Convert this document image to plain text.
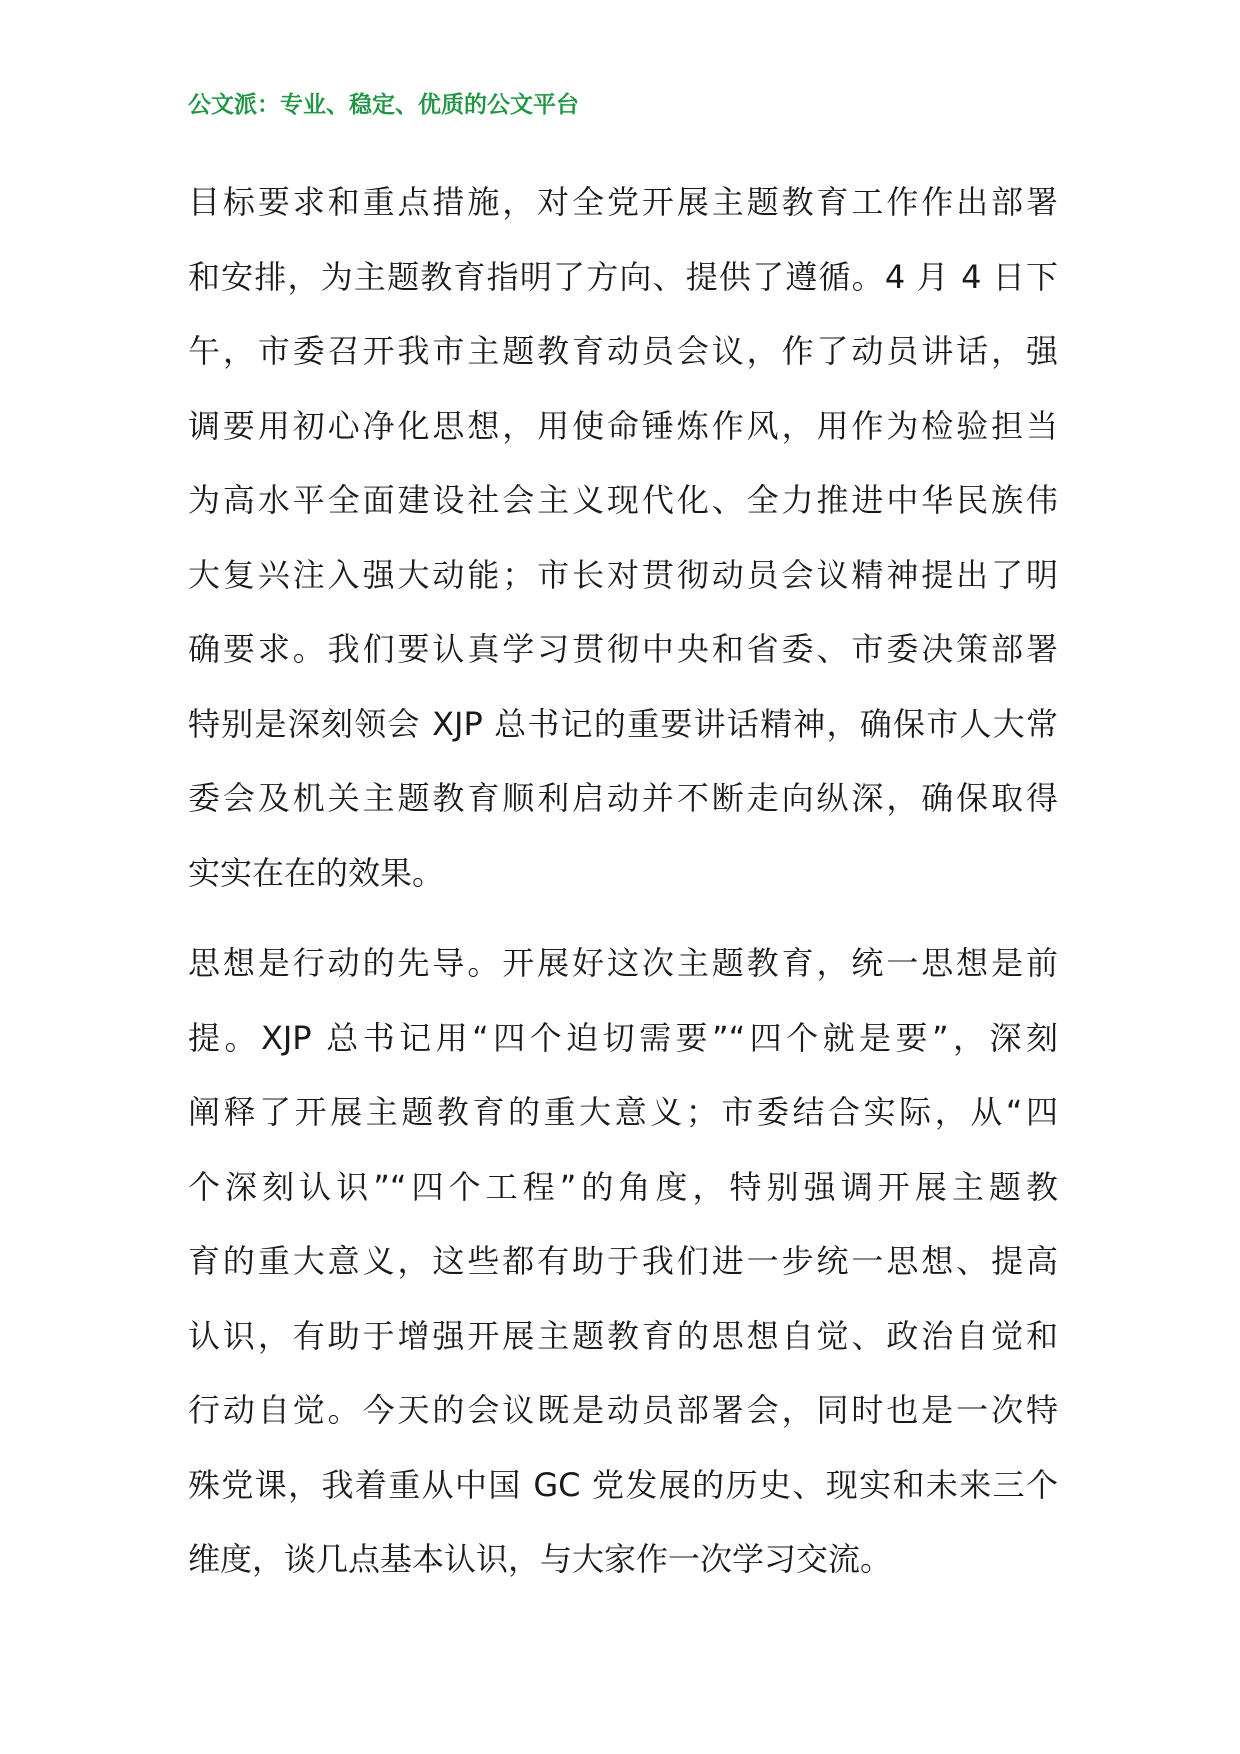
公文派：专业、稳定、优质的公文平台
目标要求和重点措施，对全党开展主题教育工作作出部署
和安排，为主题教育指明了方向、提供了遵循。4 月 4 日下
午，市委召开我市主题教育动员会议，作了动员讲话，强
调要用初心净化思想，用使命锤炼作风，用作为检验担当
为高水平全面建设社会主义现代化、全力推进中华民族伟
大复兴注入强大动能；市长对贯彻动员会议精神提出了明
确要求。我们要认真学习贯彻中央和省委、市委决策部署
特别是深刻领会 XJP 总书记的重要讲话精神，确保市人大常
委会及机关主题教育顺利启动并不断走向纵深，确保取得
实实在在的效果。
思想是行动的先导。开展好这次主题教育，统一思想是前
提。XJP 总书记用“四个迫切需要”“四个就是要”，深刻
阐释了开展主题教育的重大意义；市委结合实际，从“四
个深刻认识”“四个工程”的角度，特别强调开展主题教
育的重大意义，这些都有助于我们进一步统一思想、提高
认识，有助于增强开展主题教育的思想自觉、政治自觉和
行动自觉。今天的会议既是动员部署会，同时也是一次特
殊党课，我着重从中国 GC 党发展的历史、现实和未来三个
维度，谈几点基本认识，与大家作一次学习交流。
